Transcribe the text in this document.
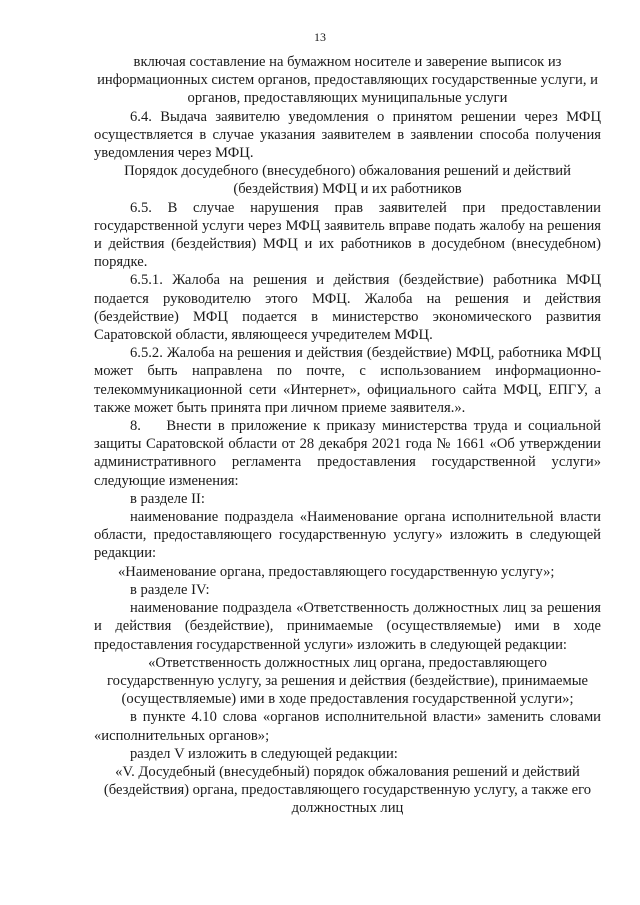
13

включая составление на бумажном носителе и заверение выписок из информационных систем органов, предоставляющих государственные услуги, и органов, предоставляющих муниципальные услуги

6.4. Выдача заявителю уведомления о принятом решении через МФЦ осуществляется в случае указания заявителем в заявлении способа получения уведомления через МФЦ.

Порядок досудебного (внесудебного) обжалования решений и действий (бездействия) МФЦ и их работников

6.5. В случае нарушения прав заявителей при предоставлении государственной услуги через МФЦ заявитель вправе подать жалобу на решения и действия (бездействия) МФЦ и их работников в досудебном (внесудебном) порядке.

6.5.1. Жалоба на решения и действия (бездействие) работника МФЦ подается руководителю этого МФЦ. Жалоба на решения и действия (бездействие) МФЦ подается в министерство экономического развития Саратовской области, являющееся учредителем МФЦ.

6.5.2. Жалоба на решения и действия (бездействие) МФЦ, работника МФЦ может быть направлена по почте, с использованием информационно-телекоммуникационной сети «Интернет», официального сайта МФЦ, ЕПГУ, а также может быть принята при личном приеме заявителя.».

8.    Внести в приложение к приказу министерства труда и социальной защиты Саратовской области от 28 декабря 2021 года № 1661 «Об утверждении административного регламента предоставления государственной услуги» следующие изменения:

в разделе II:

наименование подраздела «Наименование органа исполнительной власти области, предоставляющего государственную услугу» изложить в следующей редакции:

«Наименование органа, предоставляющего государственную услугу»;

в разделе IV:

наименование подраздела «Ответственность должностных лиц за решения и действия (бездействие), принимаемые (осуществляемые) ими в ходе предоставления государственной услуги» изложить в следующей редакции:

«Ответственность должностных лиц органа, предоставляющего государственную услугу, за решения и действия (бездействие), принимаемые (осуществляемые) ими в ходе предоставления государственной услуги»;

в пункте 4.10 слова «органов исполнительной власти» заменить словами «исполнительных органов»;

раздел V изложить в следующей редакции:

«V. Досудебный (внесудебный) порядок обжалования решений и действий (бездействия) органа, предоставляющего государственную услугу, а также его должностных лиц
